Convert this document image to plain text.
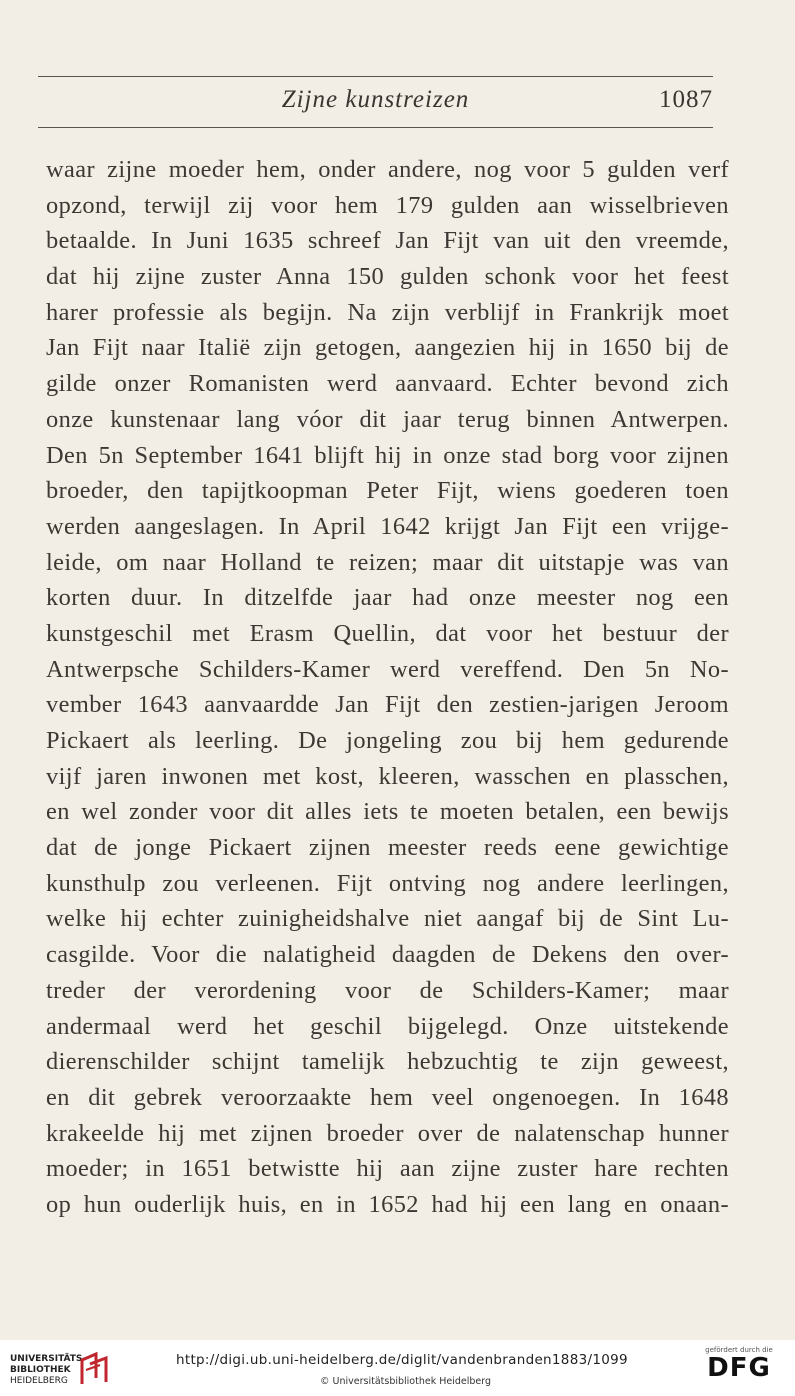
Zijne kunstreizen	1087
waar zijne moeder hem, onder andere, nog voor 5 gulden verf
opzond, terwijl zij voor hem 179 gulden aan wisselbrieven
betaalde. In Juni 1635 schreef Jan Fijt van uit den vreemde,
dat hij zijne zuster Anna 150 gulden schonk voor het feest
harer professie als begijn. Na zijn verblijf in Frankrijk moet
Jan Fijt naar Italië zijn getogen, aangezien hij in 1650 bij de
gilde onzer Romanisten werd aanvaard. Echter bevond zich
onze kunstenaar lang vóor dit jaar terug binnen Antwerpen.
Den 5n September 1641 blijft hij in onze stad borg voor zijnen
broeder, den tapijtkoopman Peter Fijt, wiens goederen toen
werden aangeslagen. In April 1642 krijgt Jan Fijt een vrijge-
leide, om naar Holland te reizen; maar dit uitstapje was van
korten duur. In ditzelfde jaar had onze meester nog een
kunstgeschil met Erasm Quellin, dat voor het bestuur der
Antwerpsche Schilders-Kamer werd vereffend. Den 5n No-
vember 1643 aanvaardde Jan Fijt den zestien-jarigen Jeroom
Pickaert als leerling. De jongeling zou bij hem gedurende
vijf jaren inwonen met kost, kleeren, wasschen en plasschen,
en wel zonder voor dit alles iets te moeten betalen, een bewijs
dat de jonge Pickaert zijnen meester reeds eene gewichtige
kunsthulp zou verleenen. Fijt ontving nog andere leerlingen,
welke hij echter zuinigheidshalve niet aangaf bij de Sint Lu-
casgilde. Voor die nalatigheid daagden de Dekens den over-
treder der verordening voor de Schilders-Kamer; maar
andermaal werd het geschil bijgelegd. Onze uitstekende
dierenschilder schijnt tamelijk hebzuchtig te zijn geweest,
en dit gebrek veroorzaakte hem veel ongenoegen. In 1648
krakeelde hij met zijnen broeder over de nalatenschap hunner
moeder; in 1651 betwistte hij aan zijne zuster hare rechten
op hun ouderlijk huis, en in 1652 had hij een lang en onaan-
UNIVERSITÄTS-
BIBLIOTHEK
HEIDELBERG
http://digi.ub.uni-heidelberg.de/diglit/vandenbranden1883/1099
© Universitätsbibliothek Heidelberg
gefördert durch die
DFG
